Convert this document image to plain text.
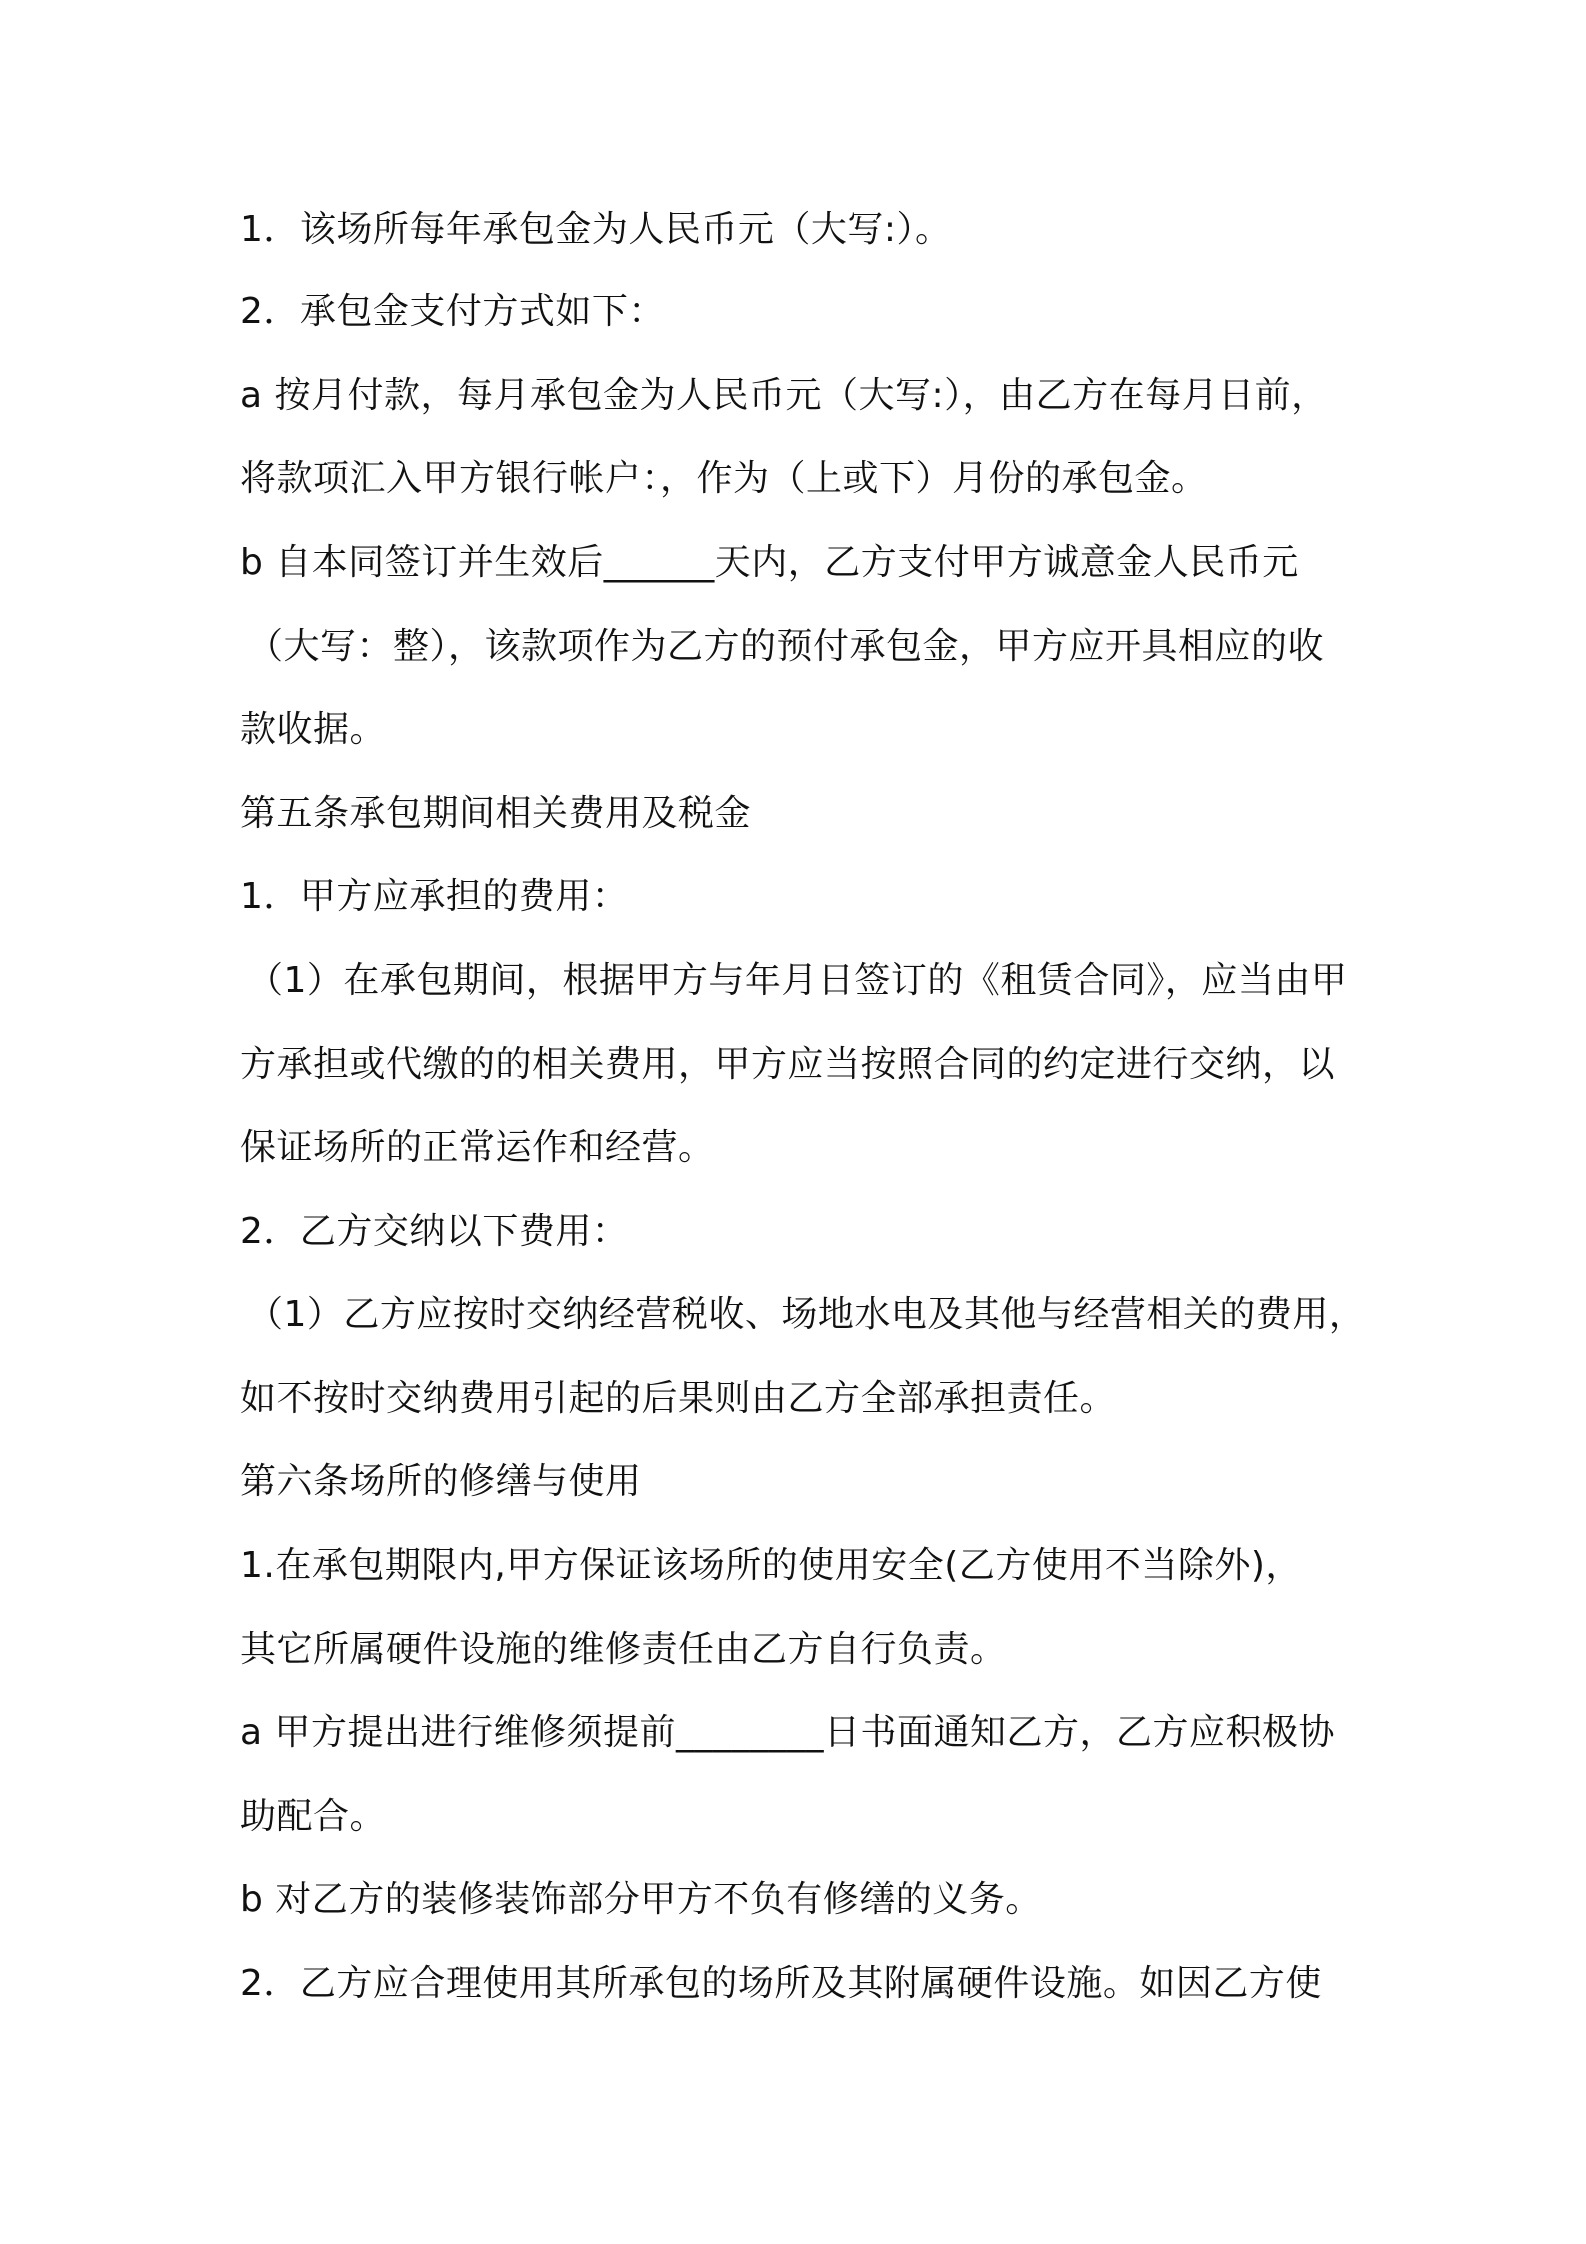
1．该场所每年承包金为人民币元（大写:）。
2．承包金支付方式如下：
a 按月付款，每月承包金为人民币元（大写:），由乙方在每月日前，
将款项汇入甲方银行帐户：，作为（上或下）月份的承包金。
b 自本同签订并生效后______天内，乙方支付甲方诚意金人民币元
（大写：整），该款项作为乙方的预付承包金，甲方应开具相应的收
款收据。
第五条承包期间相关费用及税金
1．甲方应承担的费用：
（1）在承包期间，根据甲方与年月日签订的《租赁合同》，应当由甲
方承担或代缴的的相关费用，甲方应当按照合同的约定进行交纳，以
保证场所的正常运作和经营。
2．乙方交纳以下费用：
（1）乙方应按时交纳经营税收、场地水电及其他与经营相关的费用，
如不按时交纳费用引起的后果则由乙方全部承担责任。
第六条场所的修缮与使用
1.在承包期限内,甲方保证该场所的使用安全(乙方使用不当除外)，
其它所属硬件设施的维修责任由乙方自行负责。
a 甲方提出进行维修须提前________日书面通知乙方，乙方应积极协
助配合。
b 对乙方的装修装饰部分甲方不负有修缮的义务。
2．乙方应合理使用其所承包的场所及其附属硬件设施。如因乙方使
